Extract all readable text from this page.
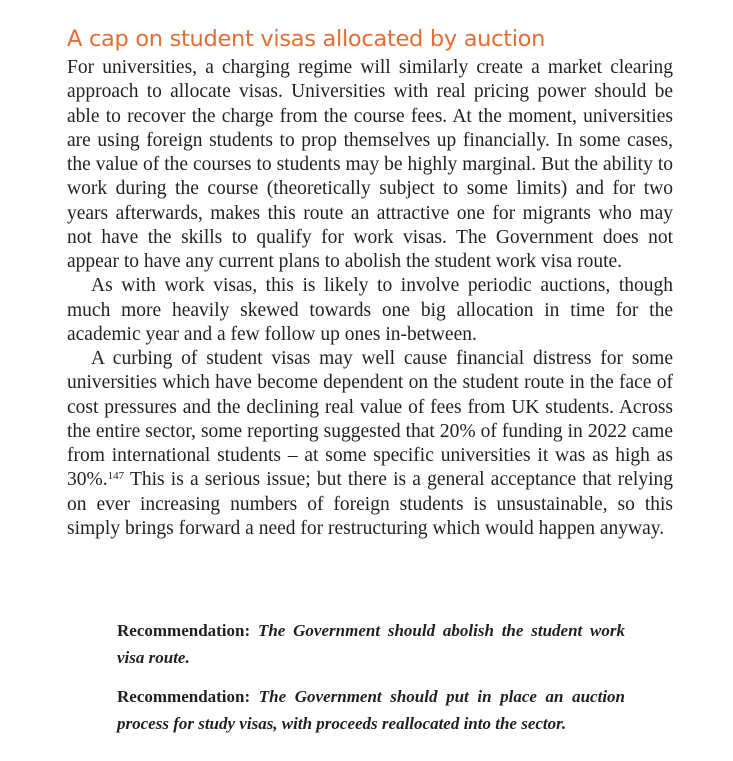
A cap on student visas allocated by auction

For universities, a charging regime will similarly create a market clearing approach to allocate visas. Universities with real pricing power should be able to recover the charge from the course fees. At the moment, universities are using foreign students to prop themselves up financially. In some cases, the value of the courses to students may be highly marginal. But the ability to work during the course (theoretically subject to some limits) and for two years afterwards, makes this route an attractive one for migrants who may not have the skills to qualify for work visas. The Government does not appear to have any current plans to abolish the student work visa route.

As with work visas, this is likely to involve periodic auctions, though much more heavily skewed towards one big allocation in time for the academic year and a few follow up ones in-between.

A curbing of student visas may well cause financial distress for some universities which have become dependent on the student route in the face of cost pressures and the declining real value of fees from UK students. Across the entire sector, some reporting suggested that 20% of funding in 2022 came from international students – at some specific universities it was as high as 30%.$^{147}$ This is a serious issue; but there is a general acceptance that relying on ever increasing numbers of foreign students is unsustainable, so this simply brings forward a need for restructuring which would happen anyway.

Recommendation: The Government should abolish the student work visa route.

Recommendation: The Government should put in place an auction process for study visas, with proceeds reallocated into the sector.
